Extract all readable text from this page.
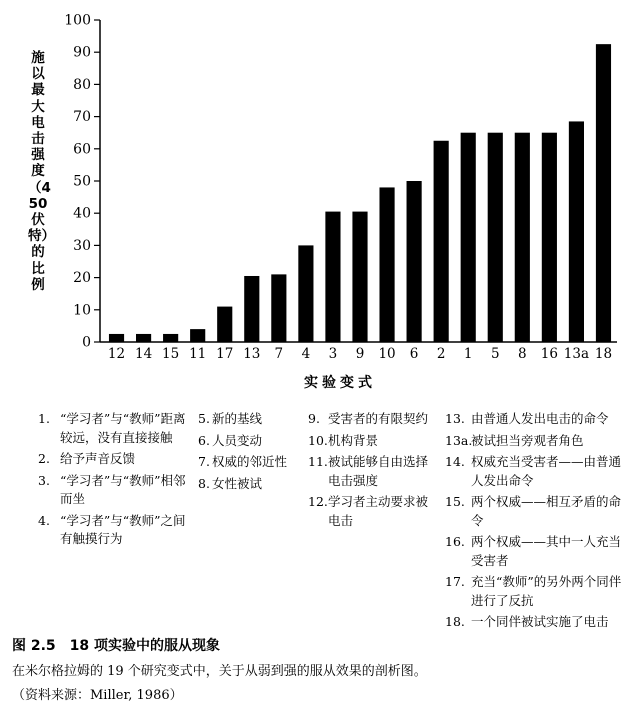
0
10
20
30
40
50
60
70
80
90
100
12 14 15 11 17 13 7 4 3 9 10 6 2 1 5 8 16 13a 18
施以最大电击强度（450伏特）的比例
实验变式
1. “学习者”与“教师”距离较远，没有直接接触
2. 给予声音反馈
3. “学习者”与“教师”相邻而坐
4. “学习者”与“教师”之间有触摸行为
5. 新的基线
6. 人员变动
7. 权威的邻近性
8. 女性被试
9. 受害者的有限契约
10. 机构背景
11. 被试能够自由选择电击强度
12. 学习者主动要求被电击
13. 由普通人发出电击的命令
13a.
被试担当旁观者角色
14. 权威充当受害者——由普通人发出命令
15. 两个权威——相互矛盾的命令
16. 两个权威——其中一人充当受害者
17. 充当“教师”的另外两个同伴进行了反抗
18. 一个同伴被试实施了电击
图 2.5　18 项实验中的服从现象
在米尔格拉姆的 19 个研究变式中，关于从弱到强的服从效果的剖析图。
（资料来源：Miller, 1986）
